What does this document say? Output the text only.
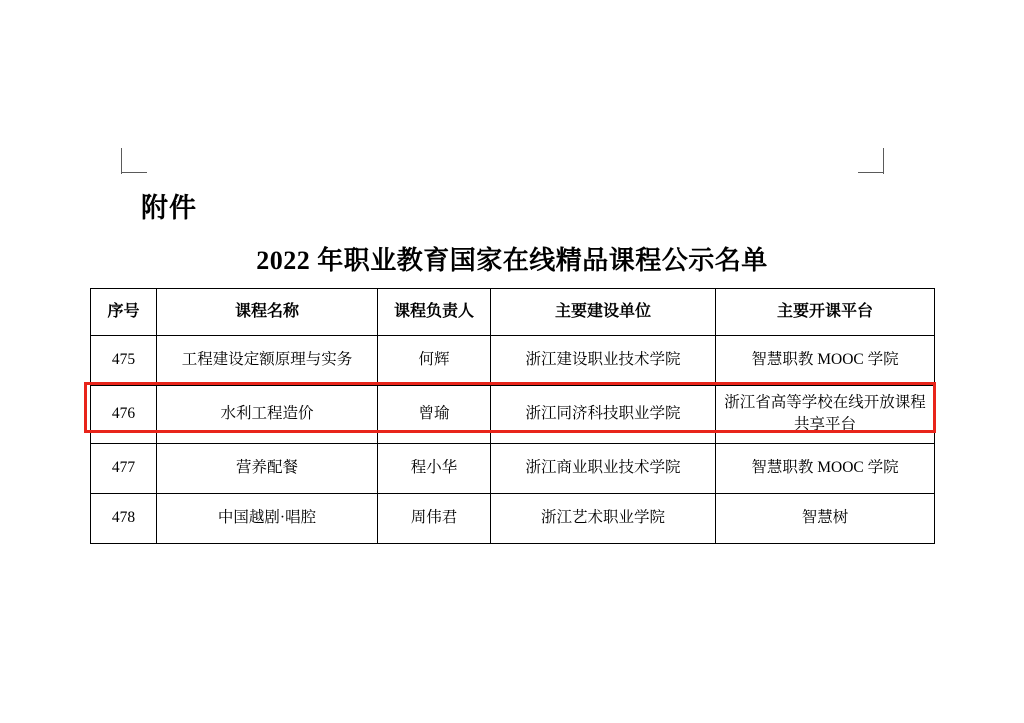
附件
2022 年职业教育国家在线精品课程公示名单
序号	课程名称	课程负责人	主要建设单位	主要开课平台
475	工程建设定额原理与实务	何辉	浙江建设职业技术学院	智慧职教 MOOC 学院
476	水利工程造价	曾瑜	浙江同济科技职业学院	浙江省高等学校在线开放课程共享平台
477	营养配餐	程小华	浙江商业职业技术学院	智慧职教 MOOC 学院
478	中国越剧·唱腔	周伟君	浙江艺术职业学院	智慧树
